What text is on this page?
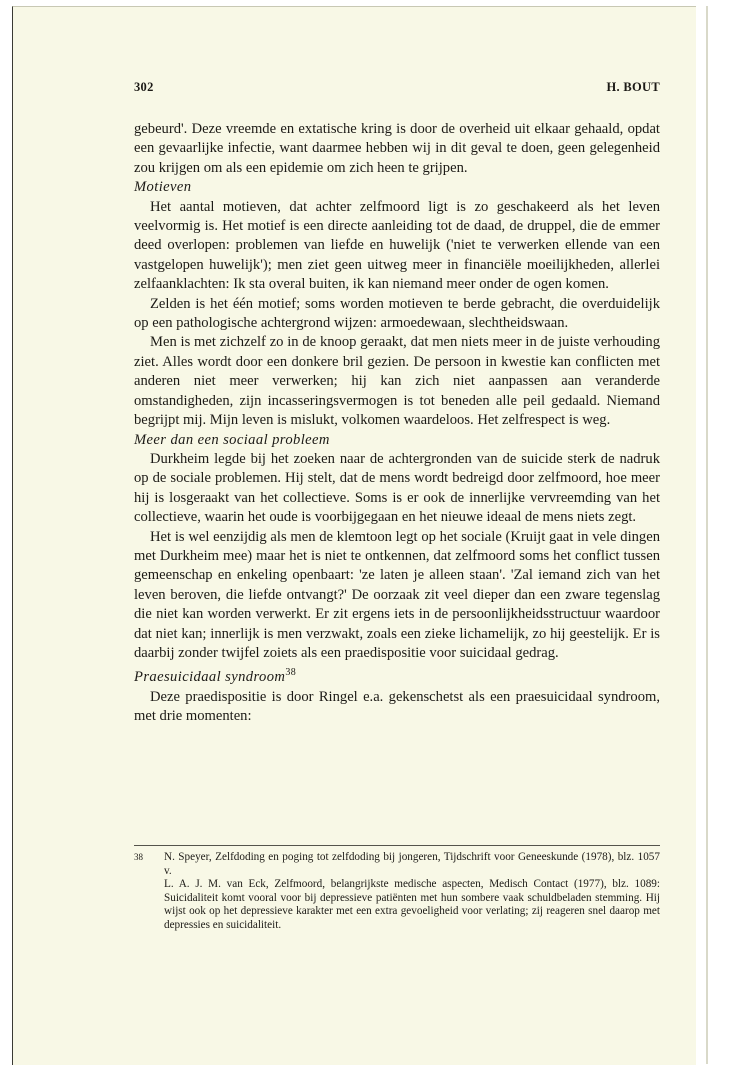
302	H. BOUT

gebeurd'. Deze vreemde en extatische kring is door de overheid uit elkaar gehaald, opdat een gevaarlijke infectie, want daarmee hebben wij in dit geval te doen, geen gelegenheid zou krijgen om als een epidemie om zich heen te grijpen.

Motieven

Het aantal motieven, dat achter zelfmoord ligt is zo geschakeerd als het leven veelvormig is. Het motief is een directe aanleiding tot de daad, de druppel, die de emmer deed overlopen: problemen van liefde en huwelijk ('niet te verwerken ellende van een vastgelopen huwelijk'); men ziet geen uitweg meer in financiële moeilijkheden, allerlei zelfaanklachten: Ik sta overal buiten, ik kan niemand meer onder de ogen komen.

Zelden is het één motief; soms worden motieven te berde gebracht, die overduidelijk op een pathologische achtergrond wijzen: armoedewaan, slechtheidswaan.

Men is met zichzelf zo in de knoop geraakt, dat men niets meer in de juiste verhouding ziet. Alles wordt door een donkere bril gezien. De persoon in kwestie kan conflicten met anderen niet meer verwerken; hij kan zich niet aanpassen aan veranderde omstandigheden, zijn incasseringsvermogen is tot beneden alle peil gedaald. Niemand begrijpt mij. Mijn leven is mislukt, volkomen waardeloos. Het zelfrespect is weg.

Meer dan een sociaal probleem

Durkheim legde bij het zoeken naar de achtergronden van de suicide sterk de nadruk op de sociale problemen. Hij stelt, dat de mens wordt bedreigd door zelfmoord, hoe meer hij is losgeraakt van het collectieve. Soms is er ook de innerlijke vervreemding van het collectieve, waarin het oude is voorbijgegaan en het nieuwe ideaal de mens niets zegt.

Het is wel eenzijdig als men de klemtoon legt op het sociale (Kruijt gaat in vele dingen met Durkheim mee) maar het is niet te ontkennen, dat zelfmoord soms het conflict tussen gemeenschap en enkeling openbaart: 'ze laten je alleen staan'. 'Zal iemand zich van het leven beroven, die liefde ontvangt?' De oorzaak zit veel dieper dan een zware tegenslag die niet kan worden verwerkt. Er zit ergens iets in de persoonlijkheidsstructuur waardoor dat niet kan; innerlijk is men verzwakt, zoals een zieke lichamelijk, zo hij geestelijk. Er is daarbij zonder twijfel zoiets als een praedispositie voor suicidaal gedrag.

Praesuicidaal syndroom$^{38}$

Deze praedispositie is door Ringel e.a. gekenschetst als een praesuicidaal syndroom, met drie momenten:

38 N. Speyer, Zelfdoding en poging tot zelfdoding bij jongeren, Tijdschrift voor Geneeskunde (1978), blz. 1057 v.
L. A. J. M. van Eck, Zelfmoord, belangrijkste medische aspecten, Medisch Contact (1977), blz. 1089: Suicidaliteit komt vooral voor bij depressieve patiënten met hun sombere vaak schuldbeladen stemming. Hij wijst ook op het depressieve karakter met een extra gevoeligheid voor verlating; zij reageren snel daarop met depressies en suicidaliteit.
